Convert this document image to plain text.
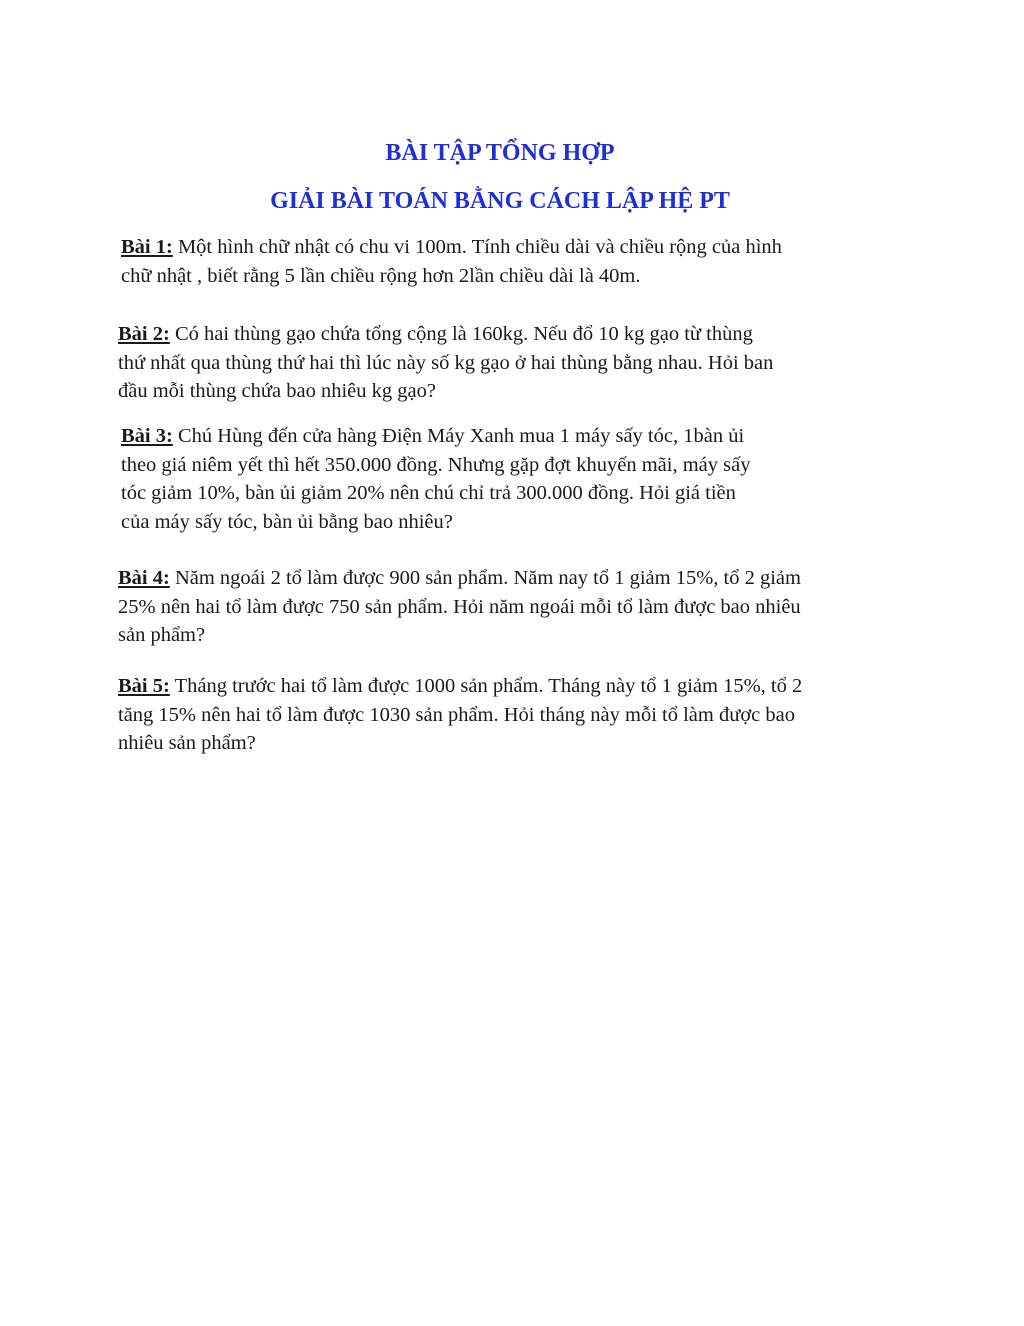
BÀI TẬP TỔNG HỢP
GIẢI BÀI TOÁN BẰNG CÁCH LẬP HỆ PT
Bài 1: Một hình chữ nhật có chu vi 100m. Tính chiều dài và chiều rộng của hình
chữ nhật , biết rằng 5 lần chiều rộng hơn 2lần chiều dài là 40m.
Bài 2: Có hai thùng gạo chứa tổng cộng là 160kg. Nếu đổ 10 kg gạo từ thùng
thứ nhất qua thùng thứ hai thì lúc này số kg gạo ở hai thùng bằng nhau. Hỏi ban
đầu mỗi thùng chứa bao nhiêu kg gạo?
Bài 3: Chú Hùng đến cửa hàng Điện Máy Xanh mua 1 máy sấy tóc, 1bàn ủi
theo giá niêm yết thì hết 350.000 đồng. Nhưng gặp đợt khuyến mãi, máy sấy
tóc giảm 10%, bàn ủi giảm 20% nên chú chỉ trả 300.000 đồng. Hỏi giá tiền
của máy sấy tóc, bàn ủi bằng bao nhiêu?
Bài 4: Năm ngoái 2 tổ làm được 900 sản phẩm. Năm nay tổ 1 giảm 15%, tổ 2 giảm
25% nên hai tổ làm được 750 sản phẩm. Hỏi năm ngoái mỗi tổ làm được bao nhiêu
sản phẩm?
Bài 5: Tháng trước hai tổ làm được 1000 sản phẩm. Tháng này tổ 1 giảm 15%, tổ 2
tăng 15% nên hai tổ làm được 1030 sản phẩm. Hỏi tháng này mỗi tổ làm được bao
nhiêu sản phẩm?
